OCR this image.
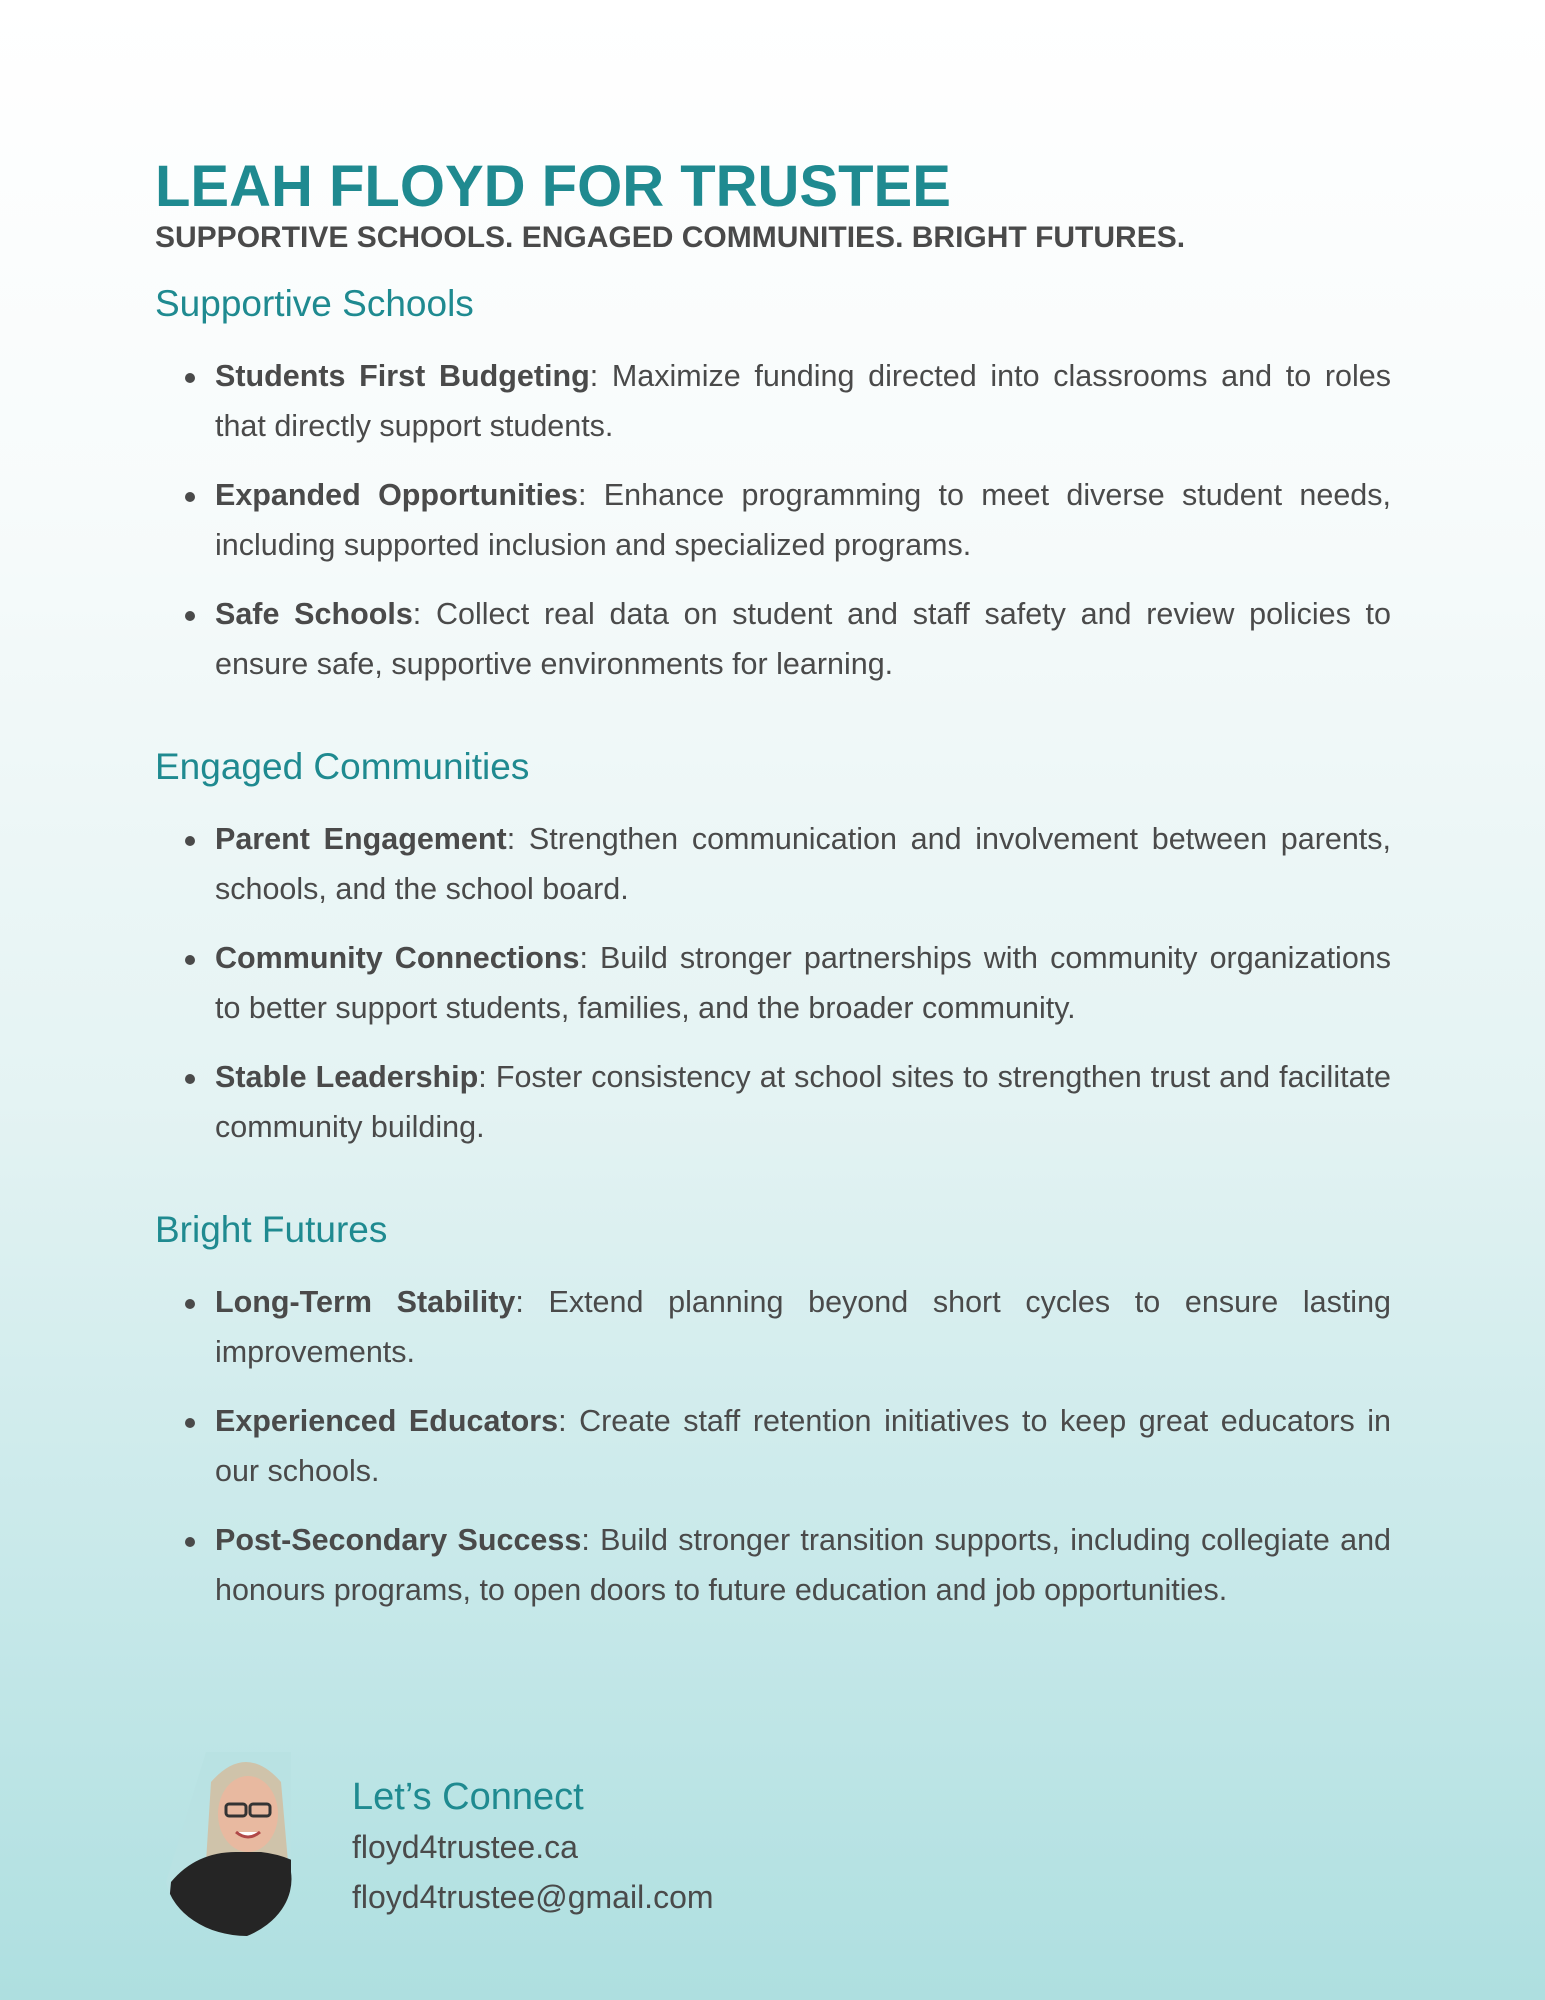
LEAH FLOYD FOR TRUSTEE
SUPPORTIVE SCHOOLS. ENGAGED COMMUNITIES. BRIGHT FUTURES.
Supportive Schools
Students First Budgeting: Maximize funding directed into classrooms and to roles that directly support students.
Expanded Opportunities: Enhance programming to meet diverse student needs, including supported inclusion and specialized programs.
Safe Schools: Collect real data on student and staff safety and review policies to ensure safe, supportive environments for learning.
Engaged Communities
Parent Engagement: Strengthen communication and involvement between parents, schools, and the school board.
Community Connections: Build stronger partnerships with community organizations to better support students, families, and the broader community.
Stable Leadership: Foster consistency at school sites to strengthen trust and facilitate community building.
Bright Futures
Long-Term Stability: Extend planning beyond short cycles to ensure lasting improvements.
Experienced Educators: Create staff retention initiatives to keep great educators in our schools.
Post-Secondary Success: Build stronger transition supports, including collegiate and honours programs, to open doors to future education and job opportunities.
Let’s Connect
floyd4trustee.ca
floyd4trustee@gmail.com
